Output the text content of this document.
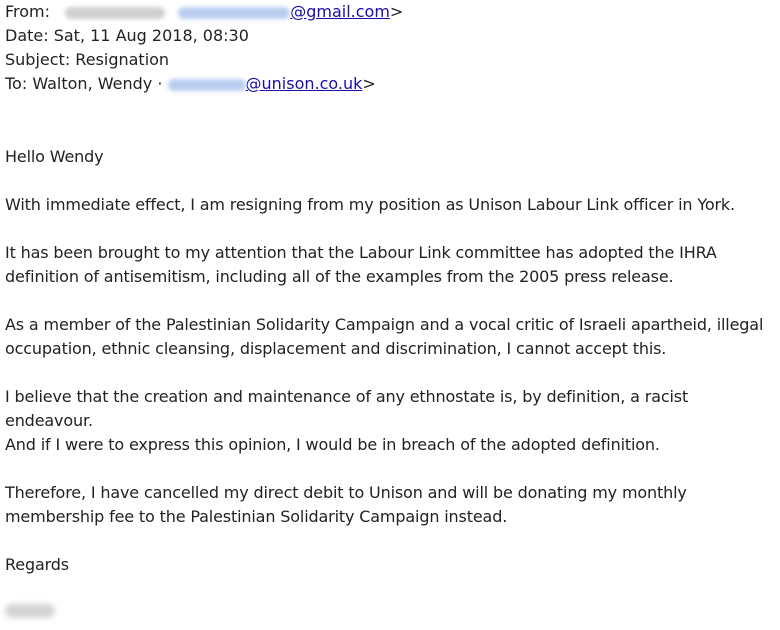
From:	@gmail.com>
Date: Sat, 11 Aug 2018, 08:30
Subject: Resignation
To: Walton, Wendy ·	@unison.co.uk>

Hello Wendy

With immediate effect, I am resigning from my position as Unison Labour Link officer in York.

It has been brought to my attention that the Labour Link committee has adopted the IHRA
definition of antisemitism, including all of the examples from the 2005 press release.

As a member of the Palestinian Solidarity Campaign and a vocal critic of Israeli apartheid, illegal
occupation, ethnic cleansing, displacement and discrimination, I cannot accept this.

I believe that the creation and maintenance of any ethnostate is, by definition, a racist endeavour.
And if I were to express this opinion, I would be in breach of the adopted definition.

Therefore, I have cancelled my direct debit to Unison and will be donating my monthly
membership fee to the Palestinian Solidarity Campaign instead.

Regards
